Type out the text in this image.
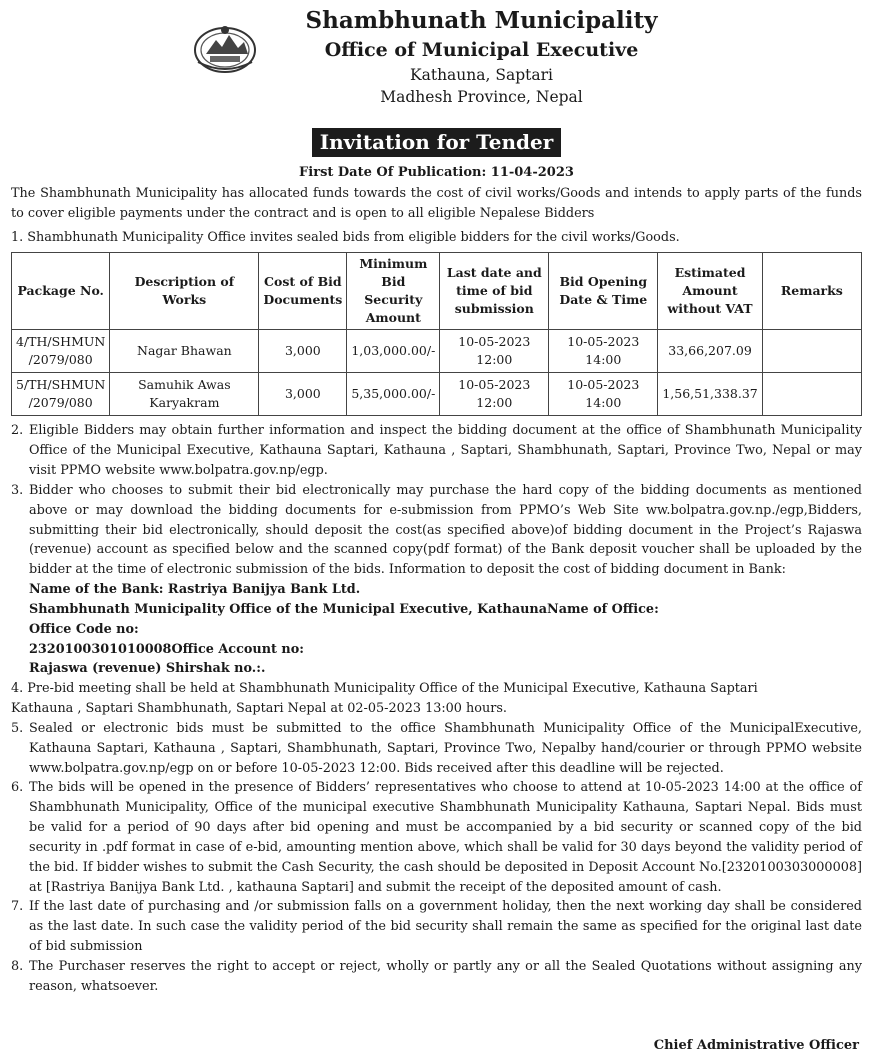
Shambhunath Municipality
Office of Municipal Executive
Kathauna, Saptari
Madhesh Province, Nepal
Invitation for Tender
First Date Of Publication: 11-04-2023

The Shambhunath Municipality has allocated funds towards the cost of civil works/Goods and intends to apply parts of the funds to cover eligible payments under the contract and is open to all eligible Nepalese Bidders

1. Shambhunath Municipality Office invites sealed bids from eligible bidders for the civil works/Goods.

Package No.	Description of Works	Cost of Bid Documents	Minimum Bid Security Amount	Last date and time of bid submission	Bid Opening Date & Time	Estimated Amount without VAT	Remarks
4/TH/SHMUN /2079/080	Nagar Bhawan	3,000	1,03,000.00/-	10-05-2023 12:00	10-05-2023 14:00	33,66,207.09	
5/TH/SHMUN /2079/080	Samuhik Awas Karyakram	3,000	5,35,000.00/-	10-05-2023 12:00	10-05-2023 14:00	1,56,51,338.37	
2. Eligible Bidders may obtain further information and inspect the bidding document at the office of Shambhunath Municipality Office of the Municipal Executive, Kathauna Saptari, Kathauna , Saptari, Shambhunath, Saptari, Province Two, Nepal or may visit PPMO website www.bolpatra.gov.np/egp.
3. Bidder who chooses to submit their bid electronically may purchase the hard copy of the bidding documents as mentioned above or may download the bidding documents for e-submission from PPMO’s Web Site ww.bolpatra.gov.np./egp,Bidders, submitting their bid electronically, should deposit the cost(as specified above)of bidding document in the Project’s Rajaswa (revenue) account as specified below and the scanned copy(pdf format) of the Bank deposit voucher shall be uploaded by the bidder at the time of electronic submission of the bids. Information to deposit the cost of bidding document in Bank:
Name of the Bank: Rastriya Banijya Bank Ltd.
Shambhunath Municipality Office of the Municipal Executive, KathaunaName of Office:
Office Code no:
2320100301010008Office Account no:
Rajaswa (revenue) Shirshak no.:.

4. Pre-bid meeting shall be held at Shambhunath Municipality Office of the Municipal Executive, Kathauna Saptari

Kathauna , Saptari Shambhunath, Saptari Nepal at 02-05-2023 13:00 hours.

5. Sealed or electronic bids must be submitted to the office Shambhunath Municipality Office of the MunicipalExecutive, Kathauna Saptari, Kathauna , Saptari, Shambhunath, Saptari, Province Two, Nepalby hand/courier or through PPMO website www.bolpatra.gov.np/egp on or before 10-05-2023 12:00. Bids received after this deadline will be rejected.
6. The bids will be opened in the presence of Bidders’ representatives who choose to attend at 10-05-2023 14:00 at the office of Shambhunath Municipality, Office of the municipal executive Shambhunath Municipality Kathauna, Saptari Nepal. Bids must be valid for a period of 90 days after bid opening and must be accompanied by a bid security or scanned copy of the bid security in .pdf format in case of e-bid, amounting mention above, which shall be valid for 30 days beyond the validity period of the bid. If bidder wishes to submit the Cash Security, the cash should be deposited in Deposit Account No.[2320100303000008] at [Rastriya Banijya Bank Ltd. , kathauna Saptari] and submit the receipt of the deposited amount of cash.
7. If the last date of purchasing and /or submission falls on a government holiday, then the next working day shall be considered as the last date. In such case the validity period of the bid security shall remain the same as specified for the original last date of bid submission
8. The Purchaser reserves the right to accept or reject, wholly or partly any or all the Sealed Quotations without assigning any reason, whatsoever.
Chief Administrative Officer
